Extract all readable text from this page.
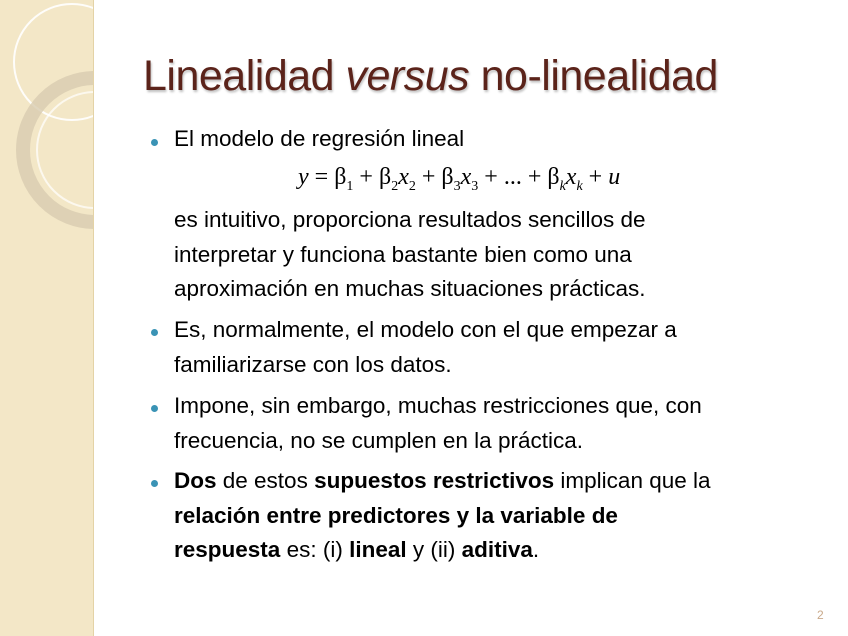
Linealidad versus no-linealidad
El modelo de regresión lineal
$y = \beta_1 + \beta_2x_2 + \beta_3x_3$ + ... + $\beta_kx_k + u$
es intuitivo, proporciona resultados sencillos de
interpretar y funciona bastante bien como una
aproximación en muchas situaciones prácticas.
Es, normalmente, el modelo con el que empezar a
familiarizarse con los datos.
Impone, sin embargo, muchas restricciones que, con
frecuencia, no se cumplen en la práctica.
Dos de estos supuestos restrictivos implican que la
relación entre predictores y la variable de
respuesta es: (i) lineal y (ii) aditiva.
2
